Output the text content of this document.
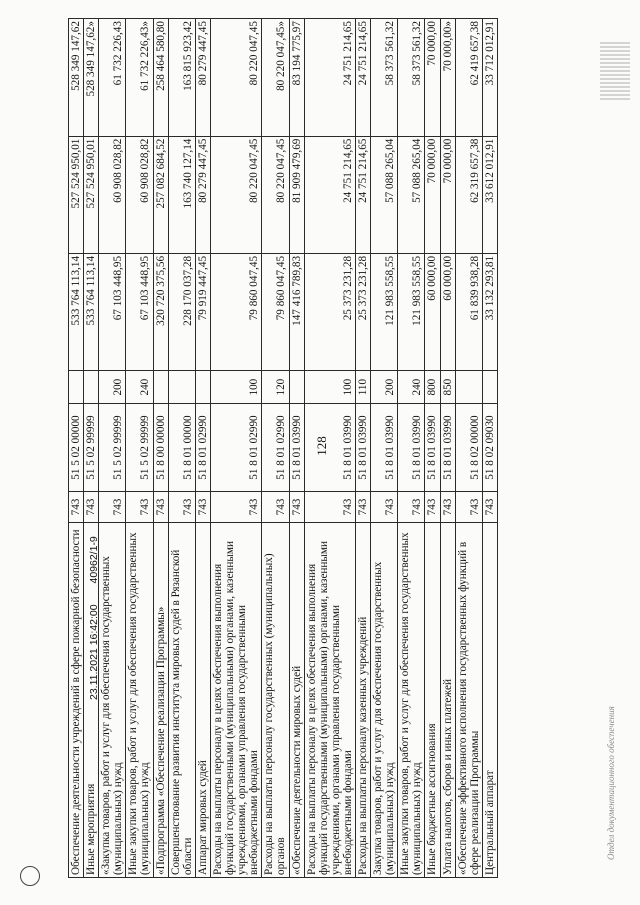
128
Обеспечение деятельности учреждений в сфере пожарной безопасности	743	51 5 02 00000		533 764 113,14	527 524 950,01	528 349 147,62
Иные мероприятия	743	51 5 02 99999		533 764 113,14	527 524 950,01	528 349 147,62»
«Закупка товаров, работ и услуг для обеспечения государственных (муниципальных) нужд	743	51 5 02 99999	200	67 103 448,95	60 908 028,82	61 732 226,43
Иные закупки товаров, работ и услуг для обеспечения государственных (муниципальных) нужд	743	51 5 02 99999	240	67 103 448,95	60 908 028,82	61 732 226,43»
«Подпрограмма «Обеспечение реализации Программы»	743	51 8 00 00000		320 720 375,56	257 082 684,52	258 464 580,80
Совершенствование развития института мировых судей в Рязанской области	743	51 8 01 00000		228 170 037,28	163 740 127,14	163 815 923,42
Аппарат мировых судей	743	51 8 01 02990		79 919 447,45	80 279 447,45	80 279 447,45
Расходы на выплаты персоналу в целях обеспечения выполнения функций государственными (муниципальными) органами, казенными учреждениями, органами управления государственными внебюджетными фондами	743	51 8 01 02990	100	79 860 047,45	80 220 047,45	80 220 047,45
Расходы на выплаты персоналу государственных (муниципальных) органов	743	51 8 01 02990	120	79 860 047,45	80 220 047,45	80 220 047,45»
«Обеспечение деятельности мировых судей	743	51 8 01 03990		147 416 789,83	81 909 479,69	83 194 775,97
Расходы на выплаты персоналу в целях обеспечения выполнения функций государственными (муниципальными) органами, казенными учреждениями, органами управления государственными внебюджетными фондами	743	51 8 01 03990	100	25 373 231,28	24 751 214,65	24 751 214,65
Расходы на выплаты персоналу казенных учреждений	743	51 8 01 03990	110	25 373 231,28	24 751 214,65	24 751 214,65
Закупка товаров, работ и услуг для обеспечения государственных (муниципальных) нужд	743	51 8 01 03990	200	121 983 558,55	57 088 265,04	58 373 561,32
Иные закупки товаров, работ и услуг для обеспечения государственных (муниципальных) нужд	743	51 8 01 03990	240	121 983 558,55	57 088 265,04	58 373 561,32
Иные бюджетные ассигнования	743	51 8 01 03990	800	60 000,00	70 000,00	70 000,00
Уплата налогов, сборов и иных платежей	743	51 8 01 03990	850	60 000,00	70 000,00	70 000,00»
«Обеспечение эффективного исполнения государственных функций в сфере реализации Программы	743	51 8 02 00000		61 839 938,28	62 319 657,38	62 419 657,38
Центральный аппарат	743	51 8 02 09030		33 132 293,81	33 612 012,91	33 712 012,91
23.11.2021 16:42:00 40962/1-9
Отдел документационного обеспечения
